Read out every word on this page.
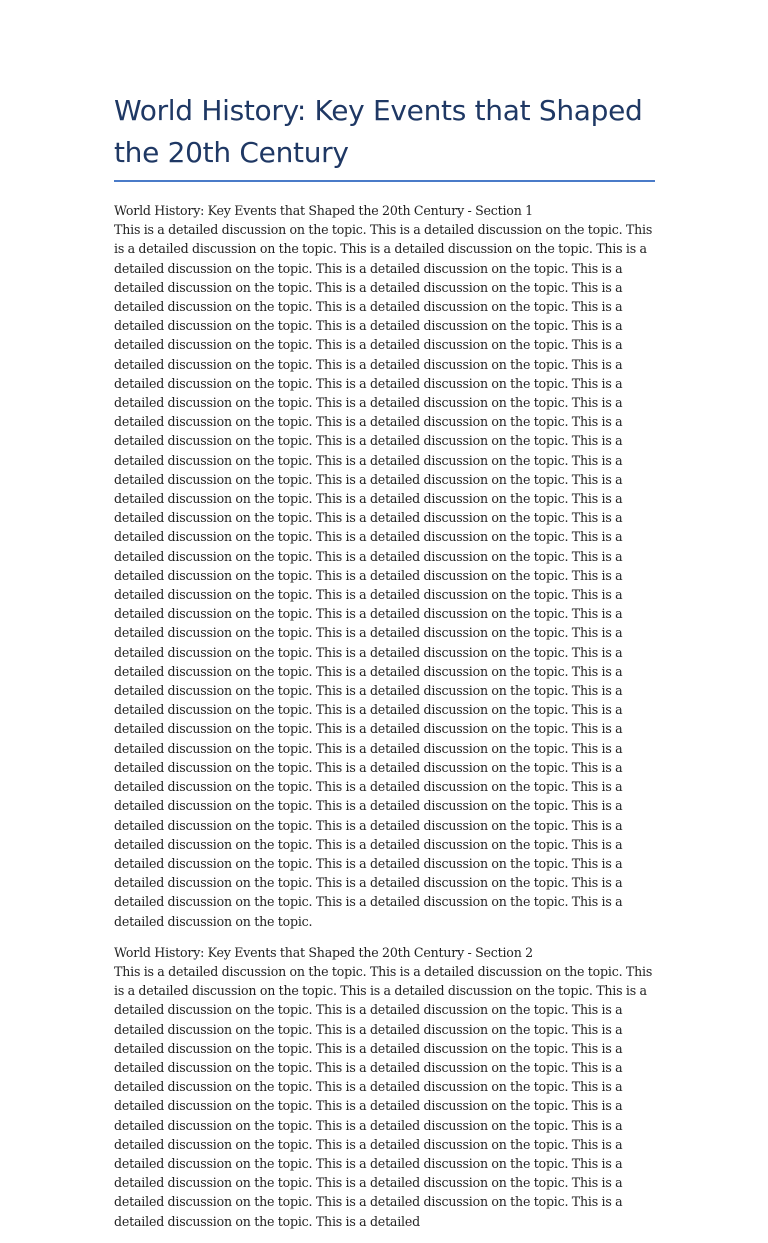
World History: Key Events that Shaped the 20th Century

World History: Key Events that Shaped the 20th Century - Section 1

This is a detailed discussion on the topic. This is a detailed discussion on the topic. This is a detailed discussion on the topic. This is a detailed discussion on the topic. This is a detailed discussion on the topic. This is a detailed discussion on the topic. This is a detailed discussion on the topic. This is a detailed discussion on the topic. This is a detailed discussion on the topic. This is a detailed discussion on the topic. This is a detailed discussion on the topic. This is a detailed discussion on the topic. This is a detailed discussion on the topic. This is a detailed discussion on the topic. This is a detailed discussion on the topic. This is a detailed discussion on the topic. This is a detailed discussion on the topic. This is a detailed discussion on the topic. This is a detailed discussion on the topic. This is a detailed discussion on the topic. This is a detailed discussion on the topic. This is a detailed discussion on the topic. This is a detailed discussion on the topic. This is a detailed discussion on the topic. This is a detailed discussion on the topic. This is a detailed discussion on the topic. This is a detailed discussion on the topic. This is a detailed discussion on the topic. This is a detailed discussion on the topic. This is a detailed discussion on the topic. This is a detailed discussion on the topic. This is a detailed discussion on the topic. This is a detailed discussion on the topic. This is a detailed discussion on the topic. This is a detailed discussion on the topic. This is a detailed discussion on the topic. This is a detailed discussion on the topic. This is a detailed discussion on the topic. This is a detailed discussion on the topic. This is a detailed discussion on the topic. This is a detailed discussion on the topic. This is a detailed discussion on the topic. This is a detailed discussion on the topic. This is a detailed discussion on the topic. This is a detailed discussion on the topic. This is a detailed discussion on the topic. This is a detailed discussion on the topic. This is a detailed discussion on the topic. This is a detailed discussion on the topic. This is a detailed discussion on the topic. This is a detailed discussion on the topic. This is a detailed discussion on the topic. This is a detailed discussion on the topic. This is a detailed discussion on the topic. This is a detailed discussion on the topic. This is a detailed discussion on the topic. This is a detailed discussion on the topic. This is a detailed discussion on the topic. This is a detailed discussion on the topic. This is a detailed discussion on the topic. This is a detailed discussion on the topic. This is a detailed discussion on the topic. This is a detailed discussion on the topic. This is a detailed discussion on the topic. This is a detailed discussion on the topic. This is a detailed discussion on the topic. This is a detailed discussion on the topic. This is a detailed discussion on the topic. This is a detailed discussion on the topic. This is a detailed discussion on the topic. This is a detailed discussion on the topic. This is a detailed discussion on the topic. This is a detailed discussion on the topic.

World History: Key Events that Shaped the 20th Century - Section 2

This is a detailed discussion on the topic. This is a detailed discussion on the topic. This is a detailed discussion on the topic. This is a detailed discussion on the topic. This is a detailed discussion on the topic. This is a detailed discussion on the topic. This is a detailed discussion on the topic. This is a detailed discussion on the topic. This is a detailed discussion on the topic. This is a detailed discussion on the topic. This is a detailed discussion on the topic. This is a detailed discussion on the topic. This is a detailed discussion on the topic. This is a detailed discussion on the topic. This is a detailed discussion on the topic. This is a detailed discussion on the topic. This is a detailed discussion on the topic. This is a detailed discussion on the topic. This is a detailed discussion on the topic. This is a detailed discussion on the topic. This is a detailed discussion on the topic. This is a detailed discussion on the topic. This is a detailed discussion on the topic. This is a detailed discussion on the topic. This is a detailed discussion on the topic. This is a detailed discussion on the topic. This is a detailed discussion on the topic. This is a detailed
